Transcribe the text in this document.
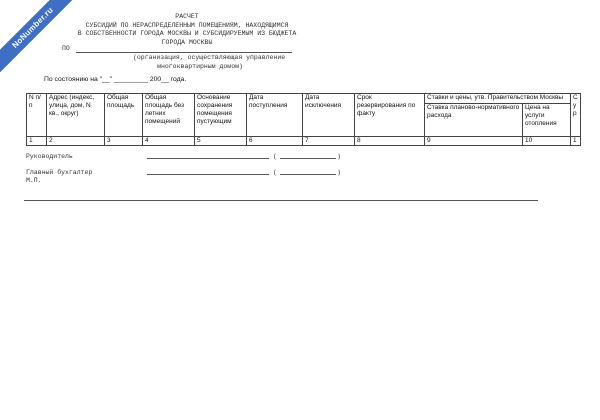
NoNumber.ru	РАСЧЕТ
СУБСИДИЙ ПО НЕРАСПРЕДЕЛЕННЫМ ПОМЕЩЕНИЯМ, НАХОДЯЩИМСЯ
В СОБСТВЕННОСТИ ГОРОДА МОСКВЫ И СУБСИДИРУЕМЫМ ИЗ БЮДЖЕТА
ГОРОДА МОСКВЫ
ПО
(организация, осуществляющая управление
многоквартирным домом)
По состоянию на "__" _________ 200__ года.
N п/п	Адрес (индекс, улица, дом, N кв., округ)	Общая площадь	Общая площадь без летних помещений	Основание сохранения помещения пустующим	Дата поступления	Дата исключения	Срок резервирования по факту	Ставки и цены, утв. Правительством Москвы		С у р
								Ставка планово-нормативного расхода	Цена на услуги отопления	
1	2	3	4	5	6	7	8	9	10	1
Руководитель	(	)
Главный бухгалтер
М.П.
(	)
